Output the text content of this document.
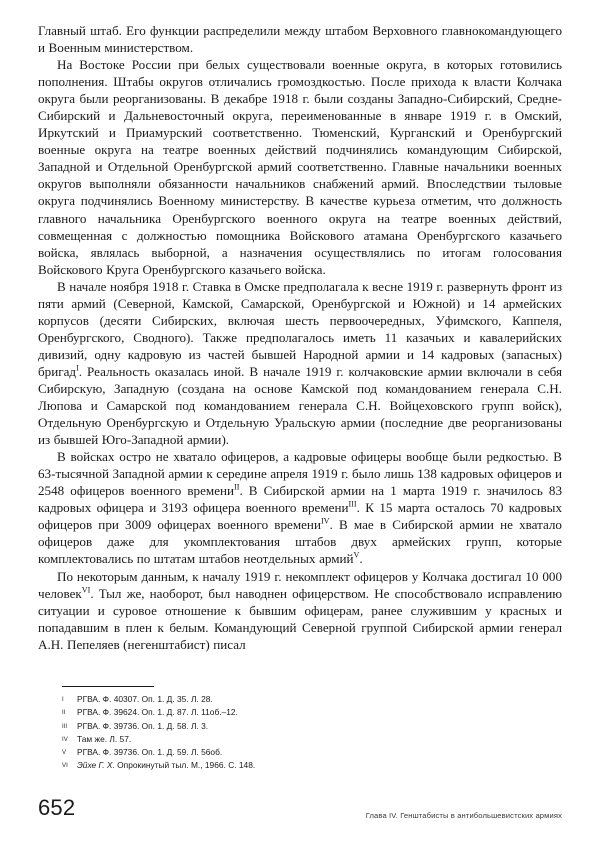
Главный штаб. Его функции распределили между штабом Верховного главнокомандующего и Военным министерством.

На Востоке России при белых существовали военные округа, в которых готовились пополнения. Штабы округов отличались громоздкостью. После прихода к власти Колчака округа были реорганизованы. В декабре 1918 г. были созданы Западно-Сибирский, Средне-Сибирский и Дальневосточный округа, переименованные в январе 1919 г. в Омский, Иркутский и Приамурский соответственно. Тюменский, Курганский и Оренбургский военные округа на театре военных действий подчинялись командующим Сибирской, Западной и Отдельной Оренбургской армий соответственно. Главные начальники военных округов выполняли обязанности начальников снабжений армий. Впоследствии тыловые округа подчинялись Военному министерству. В качестве курьеза отметим, что должность главного начальника Оренбургского военного округа на театре военных действий, совмещенная с должностью помощника Войскового атамана Оренбургского казачьего войска, являлась выборной, а назначения осуществлялись по итогам голосования Войскового Круга Оренбургского казачьего войска.

В начале ноября 1918 г. Ставка в Омске предполагала к весне 1919 г. развернуть фронт из пяти армий (Северной, Камской, Самарской, Оренбургской и Южной) и 14 армейских корпусов (десяти Сибирских, включая шесть первоочередных, Уфимского, Каппеля, Оренбургского, Сводного). Также предполагалось иметь 11 казачьих и кавалерийских дивизий, одну кадровую из частей бывшей Народной армии и 14 кадровых (запасных) бригад$^I$. Реальность оказалась иной. В начале 1919 г. колчаковские армии включали в себя Сибирскую, Западную (создана на основе Камской под командованием генерала С.Н. Люпова и Самарской под командованием генерала С.Н. Войцеховского групп войск), Отдельную Оренбургскую и Отдельную Уральскую армии (последние две реорганизованы из бывшей Юго-Западной армии).

В войсках остро не хватало офицеров, а кадровые офицеры вообще были редкостью. В 63-тысячной Западной армии к середине апреля 1919 г. было лишь 138 кадровых офицеров и 2548 офицеров военного времени$^{II}$. В Сибирской армии на 1 марта 1919 г. значилось 83 кадровых офицера и 3193 офицера военного времени$^{III}$. К 15 марта осталось 70 кадровых офицеров при 3009 офицерах военного времени$^{IV}$. В мае в Сибирской армии не хватало офицеров даже для укомплектования штабов двух армейских групп, которые комплектовались по штатам штабов неотдельных армий$^V$.

По некоторым данным, к началу 1919 г. некомплект офицеров у Колчака достигал 10 000 человек$^{VI}$. Тыл же, наоборот, был наводнен офицерством. Не способствовало исправлению ситуации и суровое отношение к бывшим офицерам, ранее служившим у красных и попадавшим в плен к белым. Командующий Северной группой Сибирской армии генерал А.Н. Пепеляев (негенштабист) писал

I	РГВА. Ф. 40307. Оп. 1. Д. 35. Л. 28.
II	РГВА. Ф. 39624. Оп. 1. Д. 87. Л. 11об.–12.
III	РГВА. Ф. 39736. Оп. 1. Д. 58. Л. 3.
IV	Там же. Л. 57.
V	РГВА. Ф. 39736. Оп. 1. Д. 59. Л. 56об.
VI	Эйхе Г. Х. Опрокинутый тыл. М., 1966. С. 148.
652	Глава IV. Генштабисты в антибольшевистских армиях
